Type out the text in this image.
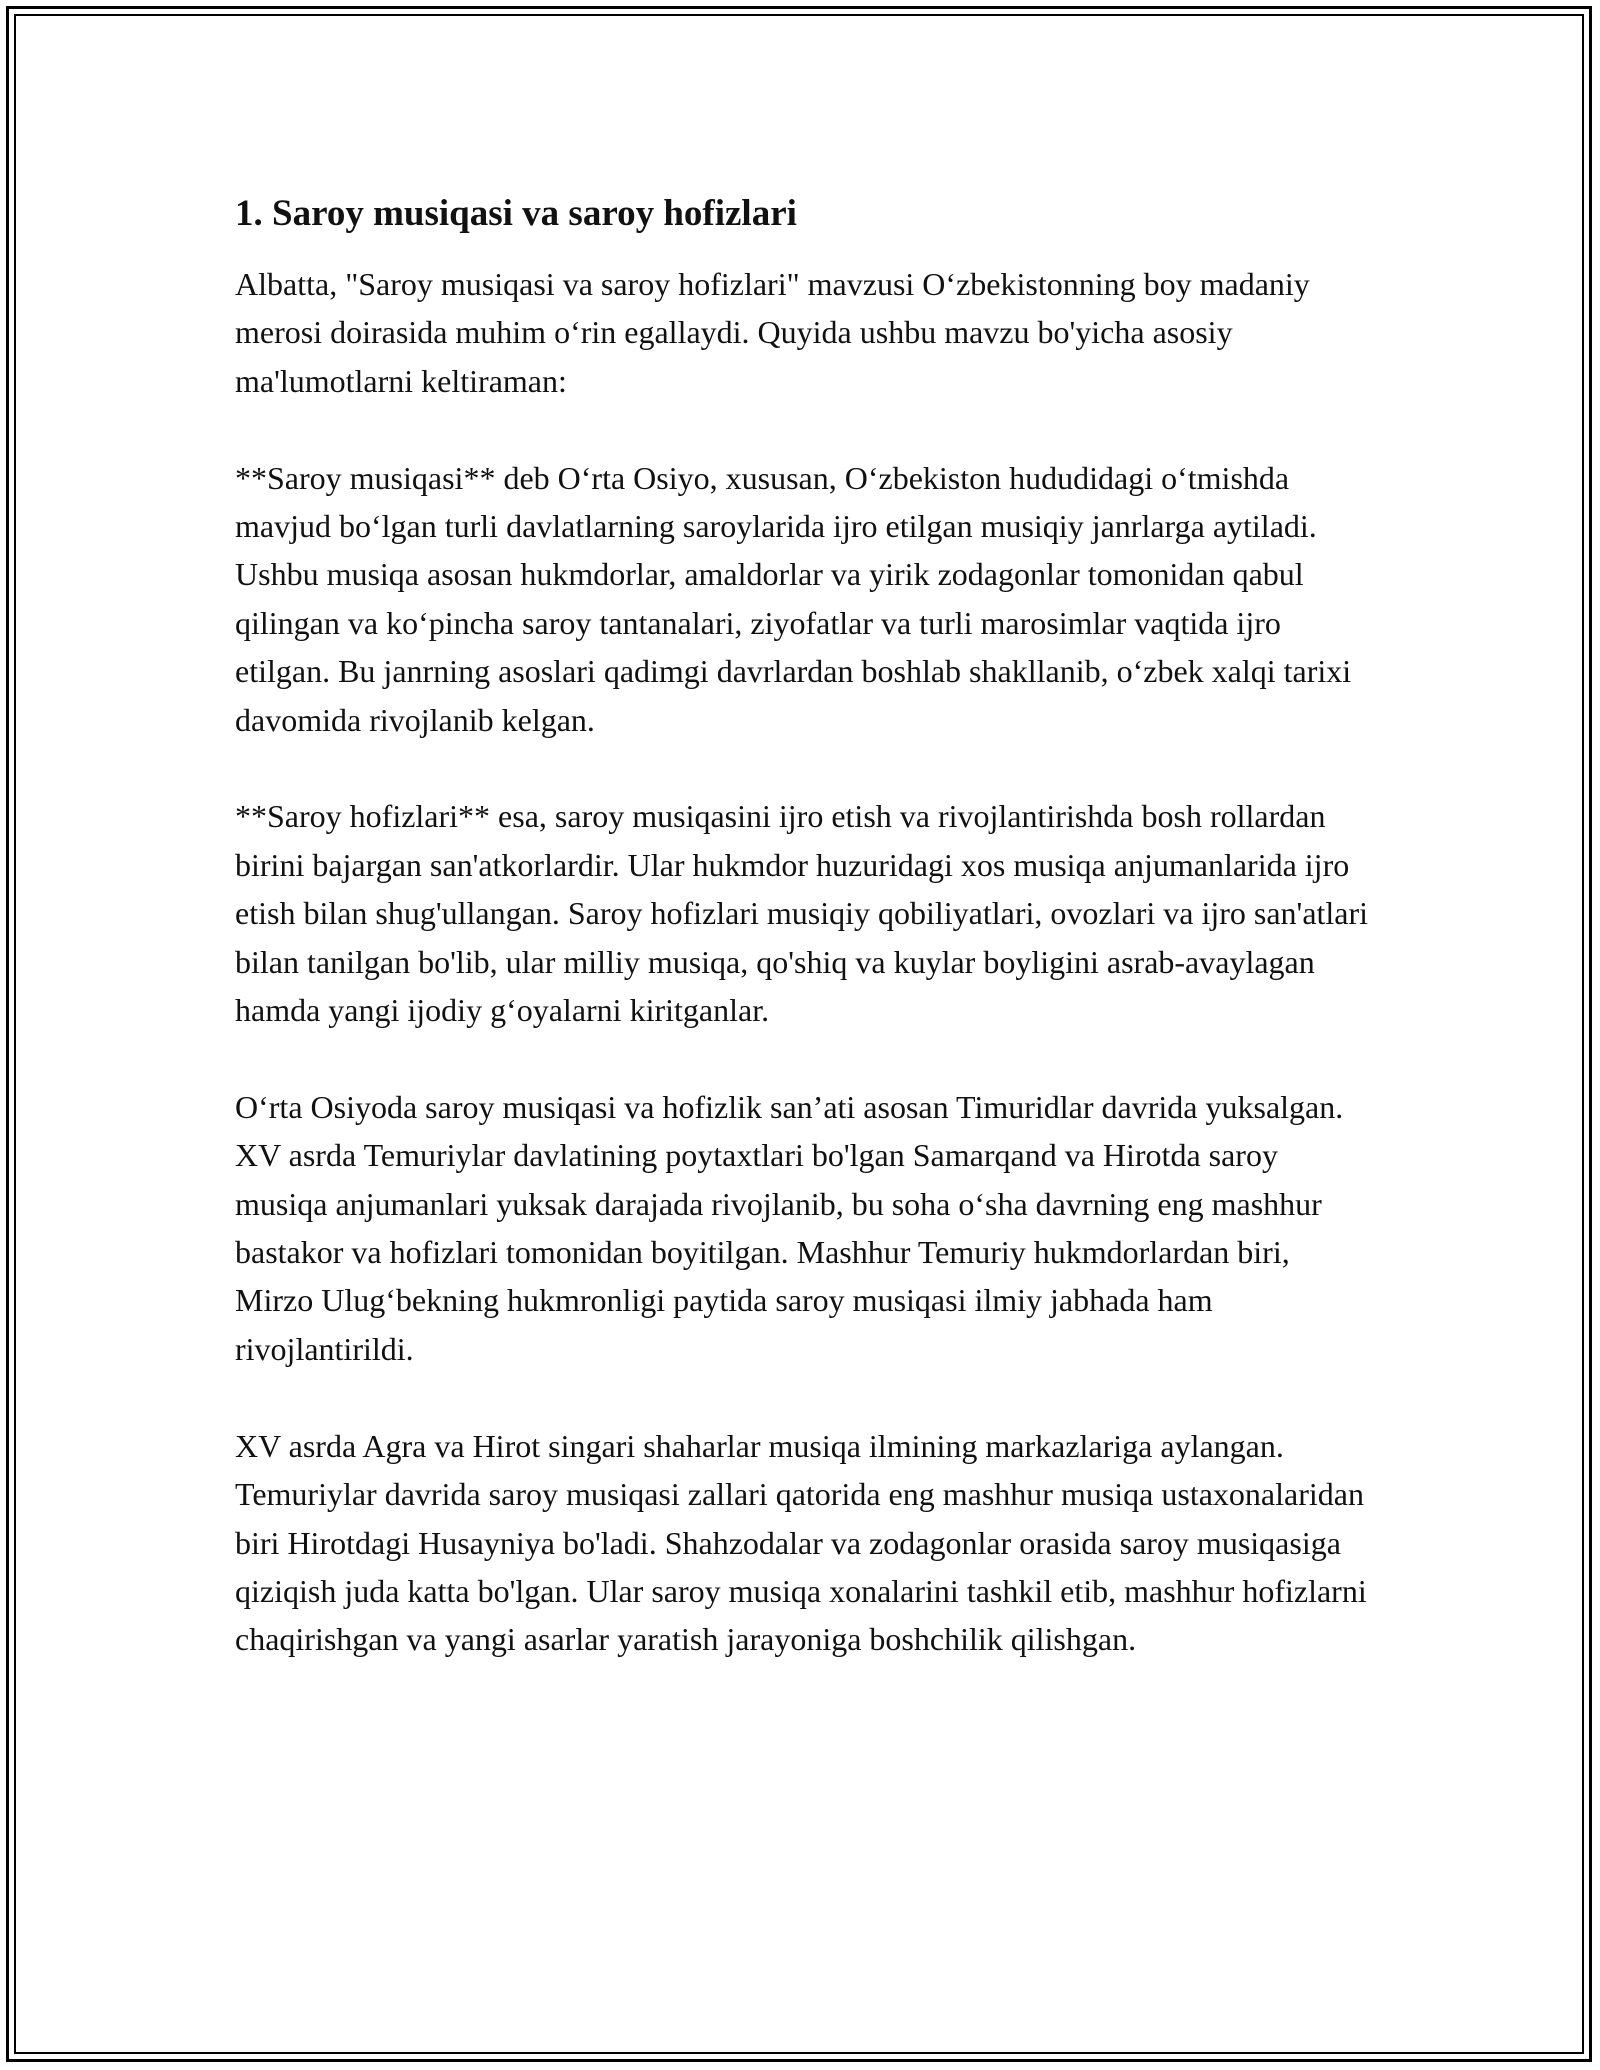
1. Saroy musiqasi va saroy hofizlari

Albatta, "Saroy musiqasi va saroy hofizlari" mavzusi O‘zbekistonning boy madaniy merosi doirasida muhim o‘rin egallaydi. Quyida ushbu mavzu bo'yicha asosiy ma'lumotlarni keltiraman:

**Saroy musiqasi** deb O‘rta Osiyo, xususan, O‘zbekiston hududidagi o‘tmishda mavjud bo‘lgan turli davlatlarning saroylarida ijro etilgan musiqiy janrlarga aytiladi. Ushbu musiqa asosan hukmdorlar, amaldorlar va yirik zodagonlar tomonidan qabul qilingan va ko‘pincha saroy tantanalari, ziyofatlar va turli marosimlar vaqtida ijro etilgan. Bu janrning asoslari qadimgi davrlardan boshlab shakllanib, o‘zbek xalqi tarixi davomida rivojlanib kelgan.

**Saroy hofizlari** esa, saroy musiqasini ijro etish va rivojlantirishda bosh rollardan birini bajargan san'atkorlardir. Ular hukmdor huzuridagi xos musiqa anjumanlarida ijro etish bilan shug'ullangan. Saroy hofizlari musiqiy qobiliyatlari, ovozlari va ijro san'atlari bilan tanilgan bo'lib, ular milliy musiqa, qo'shiq va kuylar boyligini asrab-avaylagan hamda yangi ijodiy g‘oyalarni kiritganlar.

O‘rta Osiyoda saroy musiqasi va hofizlik san’ati asosan Timuridlar davrida yuksalgan. XV asrda Temuriylar davlatining poytaxtlari bo'lgan Samarqand va Hirotda saroy musiqa anjumanlari yuksak darajada rivojlanib, bu soha o‘sha davrning eng mashhur bastakor va hofizlari tomonidan boyitilgan. Mashhur Temuriy hukmdorlardan biri, Mirzo Ulug‘bekning hukmronligi paytida saroy musiqasi ilmiy jabhada ham rivojlantirildi.

XV asrda Agra va Hirot singari shaharlar musiqa ilmining markazlariga aylangan. Temuriylar davrida saroy musiqasi zallari qatorida eng mashhur musiqa ustaxonalaridan biri Hirotdagi Husayniya bo'ladi. Shahzodalar va zodagonlar orasida saroy musiqasiga qiziqish juda katta bo'lgan. Ular saroy musiqa xonalarini tashkil etib, mashhur hofizlarni chaqirishgan va yangi asarlar yaratish jarayoniga boshchilik qilishgan.
